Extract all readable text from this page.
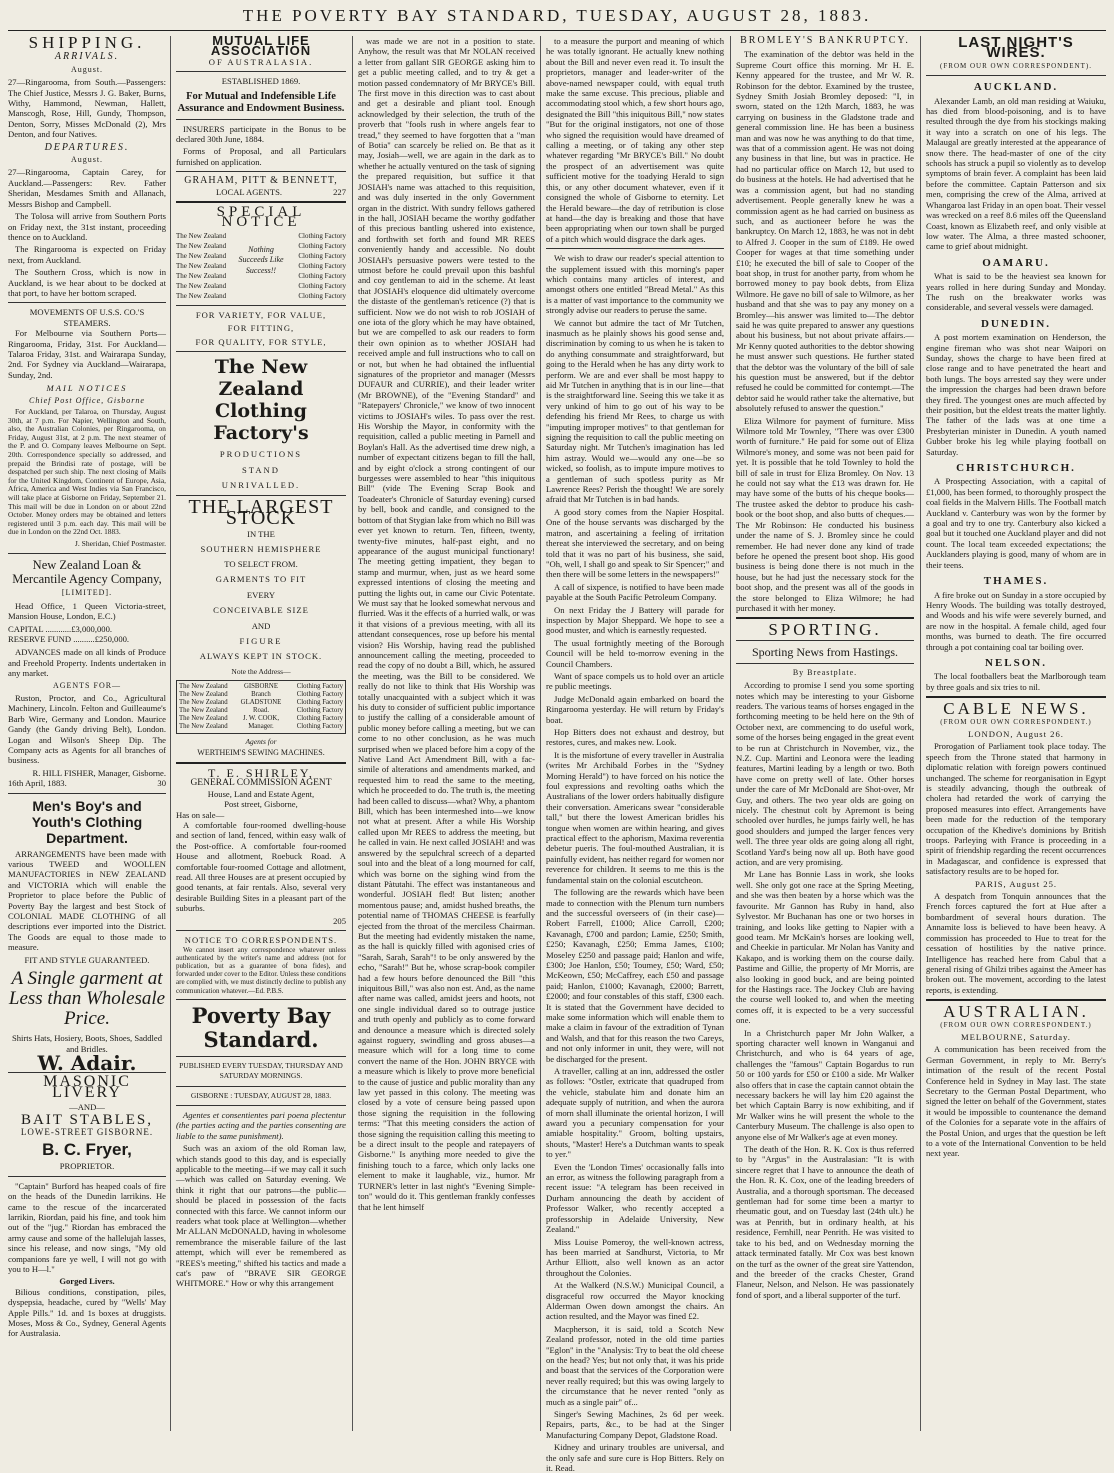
THE POVERTY BAY STANDARD, TUESDAY, AUGUST 28, 1883.
SHIPPING.
ARRIVALS.
August.

27—Ringarooma, from South.—Passengers: The Chief Justice, Messrs J. G. Baker, Burns, Withy, Hammond, Newman, Hallett, Manscogh, Rose, Hill, Gundy, Thompson, Denton, Sorry, Misses McDonald (2), Mrs Denton, and four Natives.

DEPARTURES.
August.

27—Ringarooma, Captain Carey, for Auckland.—Passengers: Rev. Father Sheridan, Mesdames Smith and Allanach, Messrs Bishop and Campbell.

The Tolosa will arrive from Southern Ports on Friday next, the 31st instant, proceeding thence on to Auckland.

The Ringarooma is expected on Friday next, from Auckland.

The Southern Cross, which is now in Auckland, is we hear about to be docked at that port, to have her bottom scraped.

MOVEMENTS OF U.S.S. CO.'S STEAMERS.

For Melbourne via Southern Ports—Ringarooma, Friday, 31st. For Auckland—Talaroa Friday, 31st. and Wairarapa Sunday, 2nd. For Sydney via Auckland—Wairarapa, Sunday, 2nd.

MAIL NOTICES
Chief Post Office, Gisborne

For Auckland, per Talaroa, on Thursday, August 30th, at 7 p.m. For Napier, Wellington and South, also, the Australian Colonies, per Ringarooma, on Friday, August 31st, at 2 p.m. The next steamer of the P. and O. Company leaves Melbourne on Sept. 20th. Correspondence specially so addressed, and prepaid the Brindisi rate of postage, will be despatched per such ship. The next closing of Mails for the United Kingdom, Continent of Europe, Asia, Africa, America and West Indies via San Francisco, will take place at Gisborne on Friday, September 21. This mail will be due in London on or about 22nd October. Money orders may be obtained and letters registered until 3 p.m. each day. This mail will be due in London on the 22nd Oct. 1883.

J. Sheridan, Chief Postmaster.
New Zealand Loan & Mercantile Agency Company,
[LIMITED].

Head Office, 1 Queen Victoria-street, Mansion House, London, E.C.)

CAPITAL ............£3,000,000.
RESERVE FUND ..........£250,000.

ADVANCES made on all kinds of Produce and Freehold Property. Indents undertaken in any market.

AGENTS FOR—

Ruston, Proctor, and Co., Agricultural Machinery, Lincoln. Felton and Guilleaume's Barb Wire, Germany and London. Maurice Gandy (the Gandy driving Belt), London. Logan and Wilson's Sheep Dip. The Company acts as Agents for all branches of business.

R. HILL FISHER, Manager, Gisborne.
16th April, 1883.	30
Men's Boy's and Youth's Clothing Department.

ARRANGEMENTS have been made with various TWEED and WOOLLEN MANUFACTORIES in NEW ZEALAND and VICTORIA which will enable the Proprietor to place before the Public of Poverty Bay the largest and best Stock of COLONIAL MADE CLOTHING of all descriptions ever imported into the District. The Goods are equal to those made to measure.

FIT AND STYLE GUARANTEED.
A Single garment at Less than Wholesale Price.
Shirts Hats, Hosiery, Boots, Shoes, Saddled and Bridles.
W. Adair.
MASONIC LIVERY
—AND—
BAIT STABLES,
LOWE-STREET GISBORNE.
B. C. Fryer,
PROPRIETOR.

"Captain" Burford has heaped coals of fire on the heads of the Dunedin larrikins. He came to the rescue of the incarcerated larrikin, Riordan, paid his fine, and took him out of the "jug." Riordan has embraced the army cause and some of the hallelujah lasses, since his release, and now sings, "My old companions fare ye well, I will not go with you to H—l."

Gorged Livers.

Bilious conditions, constipation, piles, dyspepsia, headache, cured by "Wells' May Apple Pills." 1d. and 1s boxes at druggists. Moses, Moss & Co., Sydney, General Agents for Australasia.

MUTUAL LIFE ASSOCIATION
OF AUSTRALASIA.
ESTABLISHED 1869.
For Mutual and Indefensible Life Assurance and Endowment Business.

INSURERS participate in the Bonus to be declared 30th June, 1884.

Forms of Proposal, and all Particulars furnished on application.

GRAHAM, PITT & BENNETT,
LOCAL AGENTS.	227
SPECIAL NOTICE
The New Zealand
The New Zealand
The New Zealand
The New Zealand
The New Zealand
The New Zealand
The New Zealand
Nothing Succeeds Like Success!!
Clothing Factory
Clothing Factory
Clothing Factory
Clothing Factory
Clothing Factory
Clothing Factory
Clothing Factory
FOR VARIETY, FOR VALUE,
FOR FITTING,
FOR QUALITY, FOR STYLE,
The New Zealand Clothing Factory's
PRODUCTIONS
STAND
UNRIVALLED.
THE LARGEST STOCK
IN THE
SOUTHERN HEMISPHERE
TO SELECT FROM.
GARMENTS TO FIT
EVERY
CONCEIVABLE SIZE
AND
FIGURE
ALWAYS KEPT IN STOCK.
Note the Address—
The New Zealand	GISBORNE	Clothing Factory
The New Zealand	Branch	Clothing Factory
The New Zealand	GLADSTONE	Clothing Factory
The New Zealand	Road.	Clothing Factory
The New Zealand	J. W. COOK,	Clothing Factory
The New Zealand	Manager.	Clothing Factory
Agents for
WERTHEIM'S SEWING MACHINES.
T. E. SHIRLEY,
GENERAL COMMISSION AGENT
House, Land and Estate Agent,
Post street, Gisborne,
Has on sale—

A comfortable four-roomed dwelling-house and section of land, fenced, within easy walk of the Post-office. A comfortable four-roomed House and allotment, Roebuck Road. A comfortable four-roomed Cottage and allotment, read. All three Houses are at present occupied by good tenants, at fair rentals. Also, several very desirable Building Sites in a pleasant part of the suburbs.

205
NOTICE TO CORRESPONDENTS.

We cannot insert any correspondence whatever unless authenticated by the writer's name and address (not for publication, but as a guarantee of bona fides), and forwarded under cover to the Editor. Unless these conditions are complied with, we must distinctly decline to publish any communication whatever.—Ed. P.B.S.

Poverty Bay Standard.
PUBLISHED EVERY TUESDAY, THURSDAY AND SATURDAY MORNINGS.
GISBORNE : TUESDAY, AUGUST 28, 1883.

Agentes et consentientes pari poena plectentur (the parties acting and the parties consenting are liable to the same punishment).

Such was an axiom of the old Roman law, which stands good to this day, and is especially applicable to the meeting—if we may call it such—which was called on Saturday evening. We think it right that our patrons—the public—should be placed in possession of the facts connected with this farce. We cannot inform our readers what took place at Wellington—whether Mr ALLAN McDONALD, having in wholesome remembrance the miserable failure of the last attempt, which will ever be remembered as "REES's meeting," shifted his tactics and made a cat's paw of "BRAVE SIR GEORGE WHITMORE." How or why this arrangement

was made we are not in a position to state. Anyhow, the result was that Mr NOLAN received a letter from gallant SIR GEORGE asking him to get a public meeting called, and to try & get a motion passed condemnatory of Mr BRYCE's Bill. The first move in this direction was to cast about and get a desirable and pliant tool. Enough acknowledged by their selection, the truth of the proverb that "fools rush in where angels fear to tread," they seemed to have forgotten that a "man of Botia" can scarcely be relied on. Be that as it may, Josiah—well, we are again in the dark as to whether he actually ventured on the task of signing the prepared requisition, but suffice it that JOSIAH's name was attached to this requisition, and was duly inserted in the only Government organ in the district. With sundry fellows gathered in the hall, JOSIAH became the worthy godfather of this precious bantling ushered into existence, and forthwith set forth and found MR REES conveniently handy and accessible. No doubt JOSIAH's persuasive powers were tested to the utmost before he could prevail upon this bashful and coy gentleman to aid in the scheme. At least that JOSIAH's eloquence did ultimately overcome the distaste of the gentleman's reticence (?) that is sufficient. Now we do not wish to rob JOSIAH of one iota of the glory which he may have obtained, but we are compelled to ask our readers to form their own opinion as to whether JOSIAH had received ample and full instructions who to call on or not, but when he had obtained the influential signatures of the proprietor and manager (Messrs DUFAUR and CURRIE), and their leader writer (Mr BROWNE), of the "Evening Standard" and "Ratepayers' Chronicle," we know of two innocent victims to JOSIAH's wiles. To pass over the rest. His Worship the Mayor, in conformity with the requisition, called a public meeting in Parnell and Boylan's Hall. As the advertised time drew nigh, a number of expectant citizens began to fill the hall, and by eight o'clock a strong contingent of our burgesses were assembled to hear "this iniquitous Bill" (vide The Evening Scrap Book and Toadeater's Chronicle of Saturday evening) cursed by bell, book and candle, and consigned to the bottom of that Stygian lake from which no Bill was ever yet known to return. Ten, fifteen, twenty, twenty-five minutes, half-past eight, and no appearance of the august municipal functionary! The meeting getting impatient, they began to stamp and murmur, when, just as we heard some expressed intentions of closing the meeting and putting the lights out, in came our Civic Potentate. We must say that he looked somewhat nervous and flurried. Was it the effects of a hurried walk, or was it that visions of a previous meeting, with all its attendant consequences, rose up before his mental vision? His Worship, having read the published announcement calling the meeting, proceeded to read the copy of no doubt a Bill, which, he assured the meeting, was the Bill to be considered. We really do not like to think that His Worship was totally unacquainted with a subject which it was his duty to consider of sufficient public importance to justify the calling of a considerable amount of public money before calling a meeting, but we can come to no other conclusion, as he was much surprised when we placed before him a copy of the Native Land Act Amendment Bill, with a fac-simile of alterations and amendments marked, and requested him to read the same to the meeting, which he proceeded to do. The truth is, the meeting had been called to discuss—what? Why, a phantom Bill, which has been intermeshed into—we know not what at present. After a while His Worship called upon Mr REES to address the meeting, but he called in vain. He next called JOSIAH! and was answered by the sepulchral screech of a departed soul into and the bleat of a long mourned for calf, which was borne on the sighing wind from the distant Pàtutahi. The effect was instantaneous and wonderful. JOSIAH fled! But listen; another momentous pause; and, amidst hushed breaths, the potential name of THOMAS CHEESE is fearfully ejected from the throat of the merciless Chairman. But the meeting had evidently mistaken the name, as the hall is quickly filled with agonised cries of "Sarah, Sarah, Sarah"! to be only answered by the echo, "Sarah!" But he, whose scrap-book compiler had a few hours before denounced the Bill "this iniquitous Bill," was also non est. And, as the name after name was called, amidst jeers and hoots, not one single individual dared so to outrage justice and truth openly and publicly as to come forward and denounce a measure which is directed solely against roguery, swindling and gross abuses—a measure which will for a long time to come convert the name of the Hon. JOHN BRYCE with a measure which is likely to prove more beneficial to the cause of justice and public morality than any law yet passed in this colony. The meeting was closed by a vote of censure being passed upon those signing the requisition in the following terms: "That this meeting considers the action of those signing the requisition calling this meeting to be a direct insult to the people and ratepayers of Gisborne." Is anything more needed to give the finishing touch to a farce, which only lacks one element to make it laughable, viz., humor. Mr TURNER's letter in last night's "Evening Simple-ton" would do it. This gentleman frankly confesses that he lent himself

to a measure the purport and meaning of which he was totally ignorant. He actually knew nothing about the Bill and never even read it. To insult the proprietors, manager and leader-writer of the above-named newspaper could, with equal truth make the same excuse. This precious, pliable and accommodating stool which, a few short hours ago, designated the Bill "this iniquitous Bill," now states "But for the original instigators, not one of those who signed the requisition would have dreamed of calling a meeting, or of taking any other step whatever regarding "Mr BRYCE's Bill." No doubt the prospect of an advertisement was quite sufficient motive for the toadying Herald to sign this, or any other document whatever, even if it consigned the whole of Gisborne to eternity. Let the Herald beware—the day of retribution is close at hand—the day is breaking and those that have been appropriating when our town shall be purged of a pitch which would disgrace the dark ages.

We wish to draw our reader's special attention to the supplement issued with this morning's paper which contains many articles of interest, and amongst others one entitled "Bread Metal." As this is a matter of vast importance to the community we strongly advise our readers to peruse the same.

We cannot but admire the tact of Mr Tutchen, inasmuch as he plainly shows his good sense and, discrimination by coming to us when he is taken to do anything consummate and straightforward, but going to the Herald when he has any dirty work to perform. We are and ever shall be most happy to aid Mr Tutchen in anything that is in our line—that is the straightforward line. Seeing this we take it as very unkind of him to go out of his way to be defending his friend Mr Rees, to charge us with "imputing improper motives" to that gentleman for signing the requisition to call the public meeting on Saturday night. Mr Tutchen's imagination has led him astray. Would we—would any one—be so wicked, so foolish, as to impute impure motives to a gentleman of such spotless purity as Mr Lawrence Rees? Perish the thought! We are sorely afraid that Mr Tutchen is in bad hands.

A good story comes from the Napier Hospital. One of the house servants was discharged by the matron, and ascertaining a feeling of irritation thereat she interviewed the secretary, and on being told that it was no part of his business, she said, "Oh, well, I shall go and speak to Sir Spencer;" and then there will be some letters in the newspapers!"

A call of sixpence, is notified to have been made payable at the South Pacific Petroleum Company.

On next Friday the J Battery will parade for inspection by Major Sheppard. We hope to see a good muster, and which is earnestly requested.

The usual fortnightly meeting of the Borough Council will be held to-morrow evening in the Council Chambers.

Want of space compels us to hold over an article re public meetings.

Judge McDonald again embarked on board the Ringarooma yesterday. He will return by Friday's boat.

Hop Bitters does not exhaust and destroy, but restores, cures, and makes new. Look.

It is the misfortune of every traveller in Australia (writes Mr Archibald Forbes in the "Sydney Morning Herald") to have forced on his notice the foul expressions and revolting oaths which the Australians of the lower orders habitually disfigure their conversation. Americans swear "considerable tall," but there the lowest American bridles his tongue when women are within hearing, and gives practical effect to the aphorism, Maxima reverentia debetur pueris. The foul-mouthed Australian, it is painfully evident, has neither regard for women nor reverence for children. It seems to me this is the fundamental stain on the colonial escutcheon.

The following are the rewards which have been made to connection with the Plenum turn numbers and the successful overseers of (in their case)—Robert Farrell, £1000; Alice Carroll, £200; Kavanagh, £700 and pardon; Lamie, £250; Smith, £250; Kavanagh, £250; Emma James, £100; Moseley £250 and passage paid; Hanlon and wife, £300; Joe Hanlon, £50; Toumey, £50; Ward, £50; McKeown, £50; McCaffrey, each £50 and passage paid; Hanlon, £1000; Kavanagh, £2000; Barrett, £2000; and four constables of this staff, £300 each. It is stated that the Government have decided to make some information which will enable them to make a claim in favour of the extradition of Tynan and Walsh, and that for this reason the two Careys, and not only informer in unit, they were, will not be discharged for the present.

A traveller, calling at an inn, addressed the ostler as follows: "Ostler, extricate that quadruped from the vehicle, stabulate him and donate him an adequate supply of nutrition, and when the aurora of morn shall illuminate the oriental horizon, I will award you a pecuniary compensation for your amiable hospitality." Groom, bolting upstairs, shouts, "Master! Here's a Dutchman wants to speak to yer."

Even the 'London Times' occasionally falls into an error, as witness the following paragraph from a recent issue: "A telegram has been received in Durham announcing the death by accident of Professor Walker, who recently accepted a professorship in Adelaide University, New Zealand."

Miss Louise Pomeroy, the well-known actress, has been married at Sandhurst, Victoria, to Mr Arthur Elliott, also well known as an actor throughout the Colonies.

At the Walkerd (N.S.W.) Municipal Council, a disgraceful row occurred the Mayor knocking Alderman Owen down amongst the chairs. An action resulted, and the Mayor was fined £2.

Macpherson, it is said, told a Scotch New Zealand professor, noted in the old time parties "Eglon" in the "Analysis: Try to beat the old cheese on the head? Yes; but not only that, it was his pride and boast that the services of the Corporation were never really required; but this was owing largely to the circumstance that he never rented "only as much as a single pair" of...

Singer's Sewing Machines, 2s 6d per week. Repairs, parts, &c., to be had at the Singer Manufacturing Company Depot, Gladstone Road.

Kidney and urinary troubles are universal, and the only safe and sure cure is Hop Bitters. Rely on it. Read.

BROMLEY'S BANKRUPTCY.

The examination of the debtor was held in the Supreme Court office this morning. Mr H. E. Kenny appeared for the trustee, and Mr W. R. Robinson for the debtor. Examined by the trustee, Sydney Smith Josiah Bromley deposed: "I, in sworn, stated on the 12th March, 1883, he was carrying on business in the Gladstone trade and general commission line. He has been a business man and was now he was anything to do that time, was that of a commission agent. He was not doing any business in that line, but was in practice. He had no particular office on March 12, but used to do business at the hotels. He had advertised that he was a commission agent, but had no standing advertisement. People generally knew he was a commission agent as he had carried on business as such, and as auctioneer before he was the bankruptcy. On March 12, 1883, he was not in debt to Alfred J. Cooper in the sum of £189. He owed Cooper for wages at that time something under £10; he executed the bill of sale to Cooper of the boat shop, in trust for another party, from whom he borrowed money to pay book debts, from Eliza Wilmore. He gave no bill of sale to Wilmore, as her husband and that she was to pay any money on a Bromley—his answer was limited to—The debtor said he was quite prepared to answer any questions about his business, but not about private affairs.—Mr Kenny quoted authorities to the debtor showing he must answer such questions. He further stated that the debtor was the voluntary of the bill of sale his question must be answered, but if the debtor refused he could be committed for contempt.—The debtor said he would rather take the alternative, but absolutely refused to answer the question."

Eliza Wilmore for payment of furniture. Miss Wilmore told Mr Townley, "There was over £300 worth of furniture." He paid for some out of Eliza Wilmore's money, and some was not been paid for yet. It is possible that he told Townley to hold the bill of sale in trust for Eliza Bromley. On Nov. 13 he could not say what the £13 was drawn for. He may have some of the butts of his cheque books—The trustee asked the debtor to produce his cash-book or the boot shop, and also butts of cheques.—The Mr Robinson: He conducted his business under the name of S. J. Bromley since he could remember. He had never done any kind of trade before he opened the present boot shop. His good business is being done there is not much in the house, but he had just the necessary stock for the boot shop, and the present was all of the goods in the store belonged to Eliza Wilmore; he had purchased it with her money.

SPORTING.
Sporting News from Hastings.
By Breastplate.

According to promise I send you some sporting notes which may be interesting to your Gisborne readers. The various teams of horses engaged in the forthcoming meeting to be held here on the 9th of October next, are commencing to do useful work, some of the horses being engaged in the great event to be run at Christchurch in November, viz., the N.Z. Cup. Martini and Leonora were the leading features, Martini leading by a length or two. Both have come on pretty well of late. Other horses under the care of Mr McDonald are Shot-over, Mr Guy, and others. The two year olds are going on nicely. The chestnut colt by Apremont is being schooled over hurdles, he jumps fairly well, he has good shoulders and jumped the larger fences very well. The three year olds are going along all right, Scotland Yard's being now all up. Both have good action, and are very promising.

Mr Lane has Bonnie Lass in work, she looks well. She only got one race at the Spring Meeting, and she was then beaten by a horse which was the favourite. Mr Gannon has Ruby in hand, also Sylvestor. Mr Buchanan has one or two horses in training, and looks like getting to Napier with a good team. Mr McKain's horses are looking well, and Cheekie in particular. Mr Nolan has Vanity and Kakapo, and is working them on the course daily. Pastime and Gillie, the property of Mr Morris, are also looking in good buck, and are being pointed for the Hastings race. The Jockey Club are having the course well looked to, and when the meeting comes off, it is expected to be a very successful one.

In a Christchurch paper Mr John Walker, a sporting character well known in Wanganui and Christchurch, and who is 64 years of age, challenges the "famous" Captain Bogardus to run 50 or 100 yards for £50 or £100 a side. Mr Walker also offers that in case the captain cannot obtain the necessary backers he will lay him £20 against the bet which Captain Barry is now exhibiting, and if Mr Walker wins he will present the whole to the Canterbury Museum. The challenge is also open to anyone else of Mr Walker's age at even money.

The death of the Hon. R. K. Cox is thus referred to by "Argus" in the Australasian: "It is with sincere regret that I have to announce the death of the Hon. R. K. Cox, one of the leading breeders of Australia, and a thorough sportsman. The deceased gentleman had for some time been a martyr to rheumatic gout, and on Tuesday last (24th ult.) he was at Penrith, but in ordinary health, at his residence, Fernhill, near Penrith. He was visited to take to his bed, and on Wednesday morning the attack terminated fatally. Mr Cox was best known on the turf as the owner of the great sire Yattendon, and the breeder of the cracks Chester, Grand Flaneur, Nelson, and Nelson. He was passionately fond of sport, and a liberal supporter of the turf.

LAST NIGHT'S WIRES.
(FROM OUR OWN CORRESPONDENT).
AUCKLAND.

Alexander Lamb, an old man residing at Waiuku, has died from blood-poisoning, and is to have resulted through the dye from his stockings making it way into a scratch on one of his legs. The Malaugal are greatly interested at the appearance of snow there. The head-master of one of the city schools has struck a pupil so violently as to develop symptoms of brain fever. A complaint has been laid before the committee. Captain Patterson and six men, comprising the crew of the Alma, arrived at Whangaroa last Friday in an open boat. Their vessel was wrecked on a reef 8.6 miles off the Queensland Coast, known as Elizabeth reef, and only visible at low water. The Alma, a three masted schooner, came to grief about midnight.

OAMARU.

What is said to be the heaviest sea known for years rolled in here during Sunday and Monday. The rush on the breakwater works was considerable, and several vessels were damaged.

DUNEDIN.

A post mortem examination on Henderson, the engine fireman who was shot near Waipori on Sunday, shows the charge to have been fired at close range and to have penetrated the heart and both lungs. The boys arrested say they were under the impression the charges had been drawn before they fired. The youngest ones are much affected by their position, but the eldest treats the matter lightly. The father of the lads was at one time a Presbyterian minister in Dunedin. A youth named Gubber broke his leg while playing football on Saturday.

CHRISTCHURCH.

A Prospecting Association, with a capital of £1,000, has been formed, to thoroughly prospect the coal fields in the Malvern Hills. The Football match Auckland v. Canterbury was won by the former by a goal and try to one try. Canterbury also kicked a goal but it touched one Auckland player and did not count. The local team exceeded expectations; the Aucklanders playing is good, many of whom are in their teens.

THAMES.

A fire broke out on Sunday in a store occupied by Henry Woods. The building was totally destroyed, and Woods and his wife were severely burned, and are now in the hospital. A female child, aged four months, was burned to death. The fire occurred through a pot containing coal tar boiling over.

NELSON.

The local footballers beat the Marlborough team by three goals and six tries to nil.

CABLE NEWS.
(FROM OUR OWN CORRESPONDENT.)
LONDON, August 26.

Prorogation of Parliament took place today. The speech from the Throne stated that harmony in diplomatic relation with foreign powers continued unchanged. The scheme for reorganisation in Egypt is steadily advancing, though the outbreak of cholera had retarded the work of carrying the proposed measures into effect. Arrangements have been made for the reduction of the temporary occupation of the Khedive's dominions by British troops. Parleying with France is proceeding in a spirit of friendship regarding the recent occurrences in Madagascar, and confidence is expressed that satisfactory results are to be hoped for.

PARIS, August 25.

A despatch from Tonquin announces that the French forces captured the fort at Hue after a bombardment of several hours duration. The Annamite loss is believed to have been heavy. A commission has proceeded to Hue to treat for the cessation of hostilities by the native prince. Intelligence has reached here from Cabul that a general rising of Ghilzi tribes against the Ameer has broken out. The movement, according to the latest reports, is extending.

AUSTRALIAN.
(FROM OUR OWN CORRESPONDENT.)
MELBOURNE, Saturday.

A communication has been received from the German Government, in reply to Mr. Berry's intimation of the result of the recent Postal Conference held in Sydney in May last. The state Secretary to the German Postal Department, who signed the letter on behalf of the Government, states it would be impossible to countenance the demand of the Colonies for a separate vote in the affairs of the Postal Union, and urges that the question be left to a vote of the International Convention to be held next year.
